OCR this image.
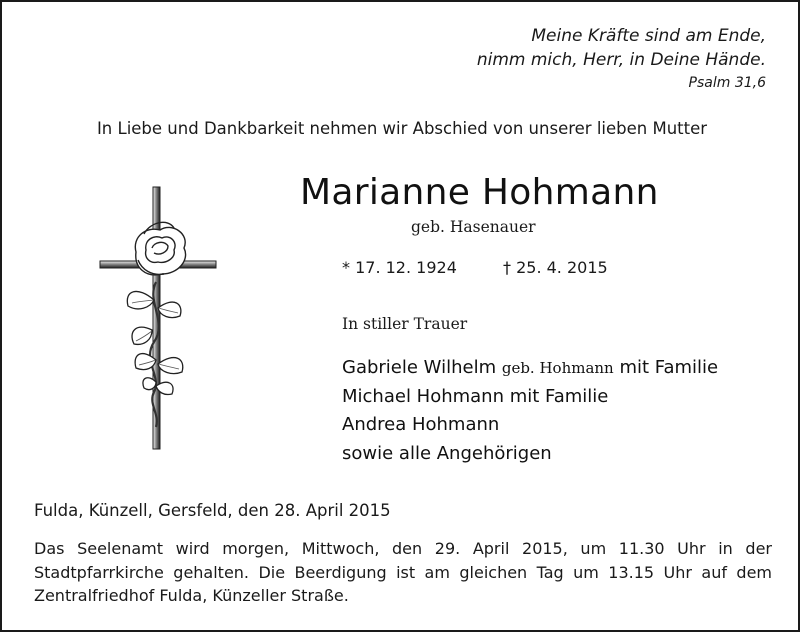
Meine Kräfte sind am Ende,
nimm mich, Herr, in Deine Hände.
Psalm 31,6
In Liebe und Dankbarkeit nehmen wir Abschied von unserer lieben Mutter
Marianne Hohmann
geb. Hasenauer
* 17. 12. 1924	† 25. 4. 2015
In stiller Trauer
Gabriele Wilhelm geb. Hohmann mit Familie
Michael Hohmann mit Familie
Andrea Hohmann
sowie alle Angehörigen
Fulda, Künzell, Gersfeld, den 28. April 2015
Das Seelenamt wird morgen, Mittwoch, den 29. April 2015, um 11.30 Uhr in der Stadtpfarrkirche gehalten. Die Beerdigung ist am gleichen Tag um 13.15 Uhr auf dem Zentralfriedhof Fulda, Künzeller Straße.
